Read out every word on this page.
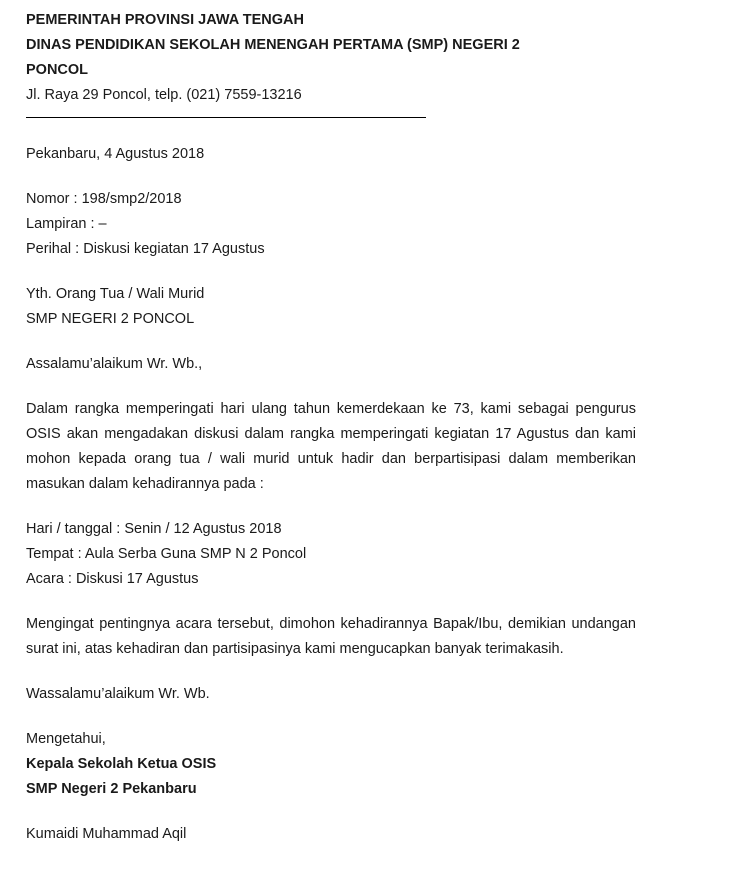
PEMERINTAH PROVINSI JAWA TENGAH
DINAS PENDIDIKAN SEKOLAH MENENGAH PERTAMA (SMP) NEGERI 2
PONCOL
Jl. Raya 29 Poncol, telp. (021) 7559-13216
Pekanbaru, 4 Agustus 2018
Nomor : 198/smp2/2018
Lampiran : –
Perihal : Diskusi kegiatan 17 Agustus
Yth. Orang Tua / Wali Murid
SMP NEGERI 2 PONCOL
Assalamu’alaikum Wr. Wb.,
Dalam rangka memperingati hari ulang tahun kemerdekaan ke 73, kami sebagai pengurus OSIS akan mengadakan diskusi dalam rangka memperingati kegiatan 17 Agustus dan kami mohon kepada orang tua / wali murid untuk hadir dan berpartisipasi dalam memberikan masukan dalam kehadirannya pada :
Hari / tanggal : Senin / 12 Agustus 2018
Tempat : Aula Serba Guna SMP N 2 Poncol
Acara : Diskusi 17 Agustus
Mengingat pentingnya acara tersebut, dimohon kehadirannya Bapak/Ibu, demikian undangan surat ini, atas kehadiran dan partisipasinya kami mengucapkan banyak terimakasih.
Wassalamu’alaikum Wr. Wb.
Mengetahui,
Kepala Sekolah Ketua OSIS
SMP Negeri 2 Pekanbaru
Kumaidi Muhammad Aqil
